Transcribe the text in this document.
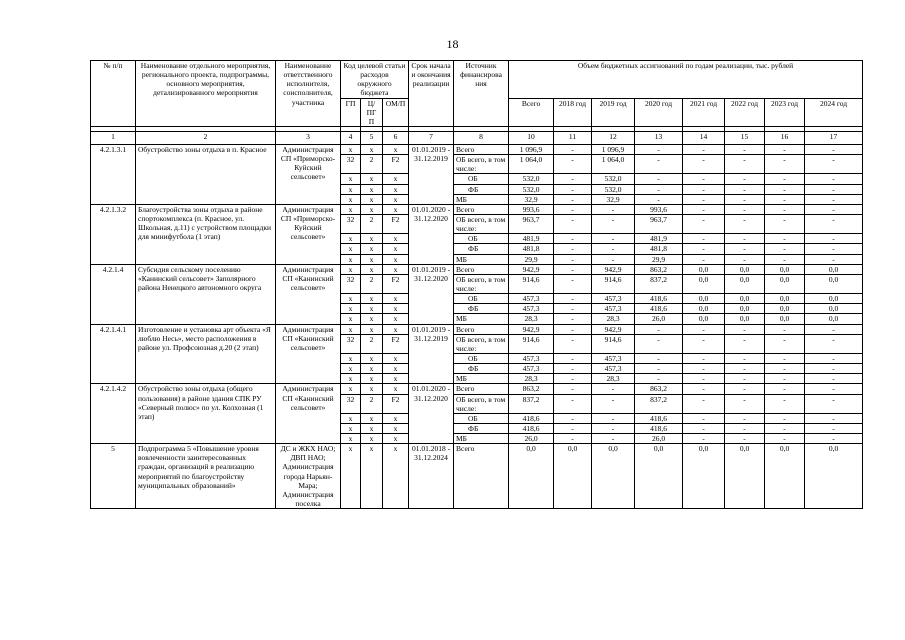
18
№ п/п	Наименование отдельного мероприятия, регионального проекта, подпрограммы, основного мероприятия, детализированного мероприятия	Наименование ответственного исполнителя, соисполнителя, участника	Код целевой статьи расходов окружного бюджета			Срок начала и окончания реализации	Источник финансирова ния	Объем бюджетных ассигнований по годам реализации, тыс. рублей							
			ГП	Ц/ПГ П	ОМ/П			Всего	2018 год	2019 год	2020 год	2021 год	2022 год	2023 год	2024 год

1	2	3	4	5	6	7	8	10	11	12	13	14	15	16	17
4.2.1.3.1	Обустройство зоны отдыха в п. Красное	Администрация СП «Приморско-Куйский сельсовет»	x	x	x	01.01.2019 - 31.12.2019	Всего	1 096,9	-	1 096,9	-	-	-	-	-
			32	2	F2		ОБ всего, в том числе:	1 064,0	-	1 064,0	-	-	-	-	-
			x	x	x		ОБ	532,0	-	532,0	-	-	-	-	-
			x	x	x		ФБ	532,0	-	532,0	-	-	-	-	-
			x	x	x		МБ	32,9	-	32,9	-	-	-	-	-
4.2.1.3.2	Благоустройства зоны отдыха в районе спортокомплекса (п. Красное, ул. Школьная, д.11) с устройством площадки для минифутбола (1 этап)	Администрация СП «Приморско-Куйский сельсовет»	x	x	x	01.01.2020 - 31.12.2020	Всего	993,6	-	-	993,6	-	-	-	-
			32	2	F2		ОБ всего, в том числе:	963,7	-	-	963,7	-	-	-	-
			x	x	x		ОБ	481,9	-	-	481,9	-	-	-	-
			x	x	x		ФБ	481,8	-	-	481,8	-	-	-	-
			x	x	x		МБ	29,9	-	-	29,9	-	-	-	-
4.2.1.4	Субсидия сельскому поселению «Канинский сельсовет» Заполярного района Ненецкого автономного округа	Администрация СП «Канинский сельсовет»	x	x	x	01.01.2019 - 31.12.2020	Всего	942,9	-	942,9	863,2	0,0	0,0	0,0	0,0
			32	2	F2		ОБ всего, в том числе:	914,6	-	914,6	837,2	0,0	0,0	0,0	0,0
			x	x	x		ОБ	457,3	-	457,3	418,6	0,0	0,0	0,0	0,0
			x	x	x		ФБ	457,3	-	457,3	418,6	0,0	0,0	0,0	0,0
			x	x	x		МБ	28,3	-	28,3	26,0	0,0	0,0	0,0	0,0
4.2.1.4.1	Изготовление и установка арт объекта «Я люблю Несь», место расположения в районе ул. Профсоюзная д.20 (2 этап)	Администрация СП «Канинский сельсовет»	x	x	x	01.01.2019 - 31.12.2019	Всего	942,9	-	942,9	-	-	-	-	-
			32	2	F2		ОБ всего, в том числе:	914,6	-	914,6	-	-	-	-	-
			x	x	x		ОБ	457,3	-	457,3	-	-	-	-	-
			x	x	x		ФБ	457,3	-	457,3	-	-	-	-	-
			x	x	x		МБ	28,3	-	28,3	-	-	-	-	-
4.2.1.4.2	Обустройство зоны отдыха (общего пользования) в районе здания СПК РУ «Северный полюс» по ул. Колхозная (1 этап)	Администрация СП «Канинский сельсовет»	x	x	x	01.01.2020 - 31.12.2020	Всего	863,2	-	-	863,2	-	-	-	-
			32	2	F2		ОБ всего, в том числе:	837,2	-	-	837,2	-	-	-	-
			x	x	x		ОБ	418,6	-	-	418,6	-	-	-	-
			x	x	x		ФБ	418,6	-	-	418,6	-	-	-	-
			x	x	x		МБ	26,0	-	-	26,0	-	-	-	-
5	Подпрограмма 5 «Повышение уровня вовлеченности заинтересованных граждан, организаций в реализацию мероприятий по благоустройству муниципальных образований»	ДС и ЖКХ НАО; ДВП НАО; Администрация города Нарьян-Мара; Администрация поселка	x	x	x	01.01.2018 - 31.12.2024	Всего	0,0	0,0	0,0	0,0	0,0	0,0	0,0	0,0
